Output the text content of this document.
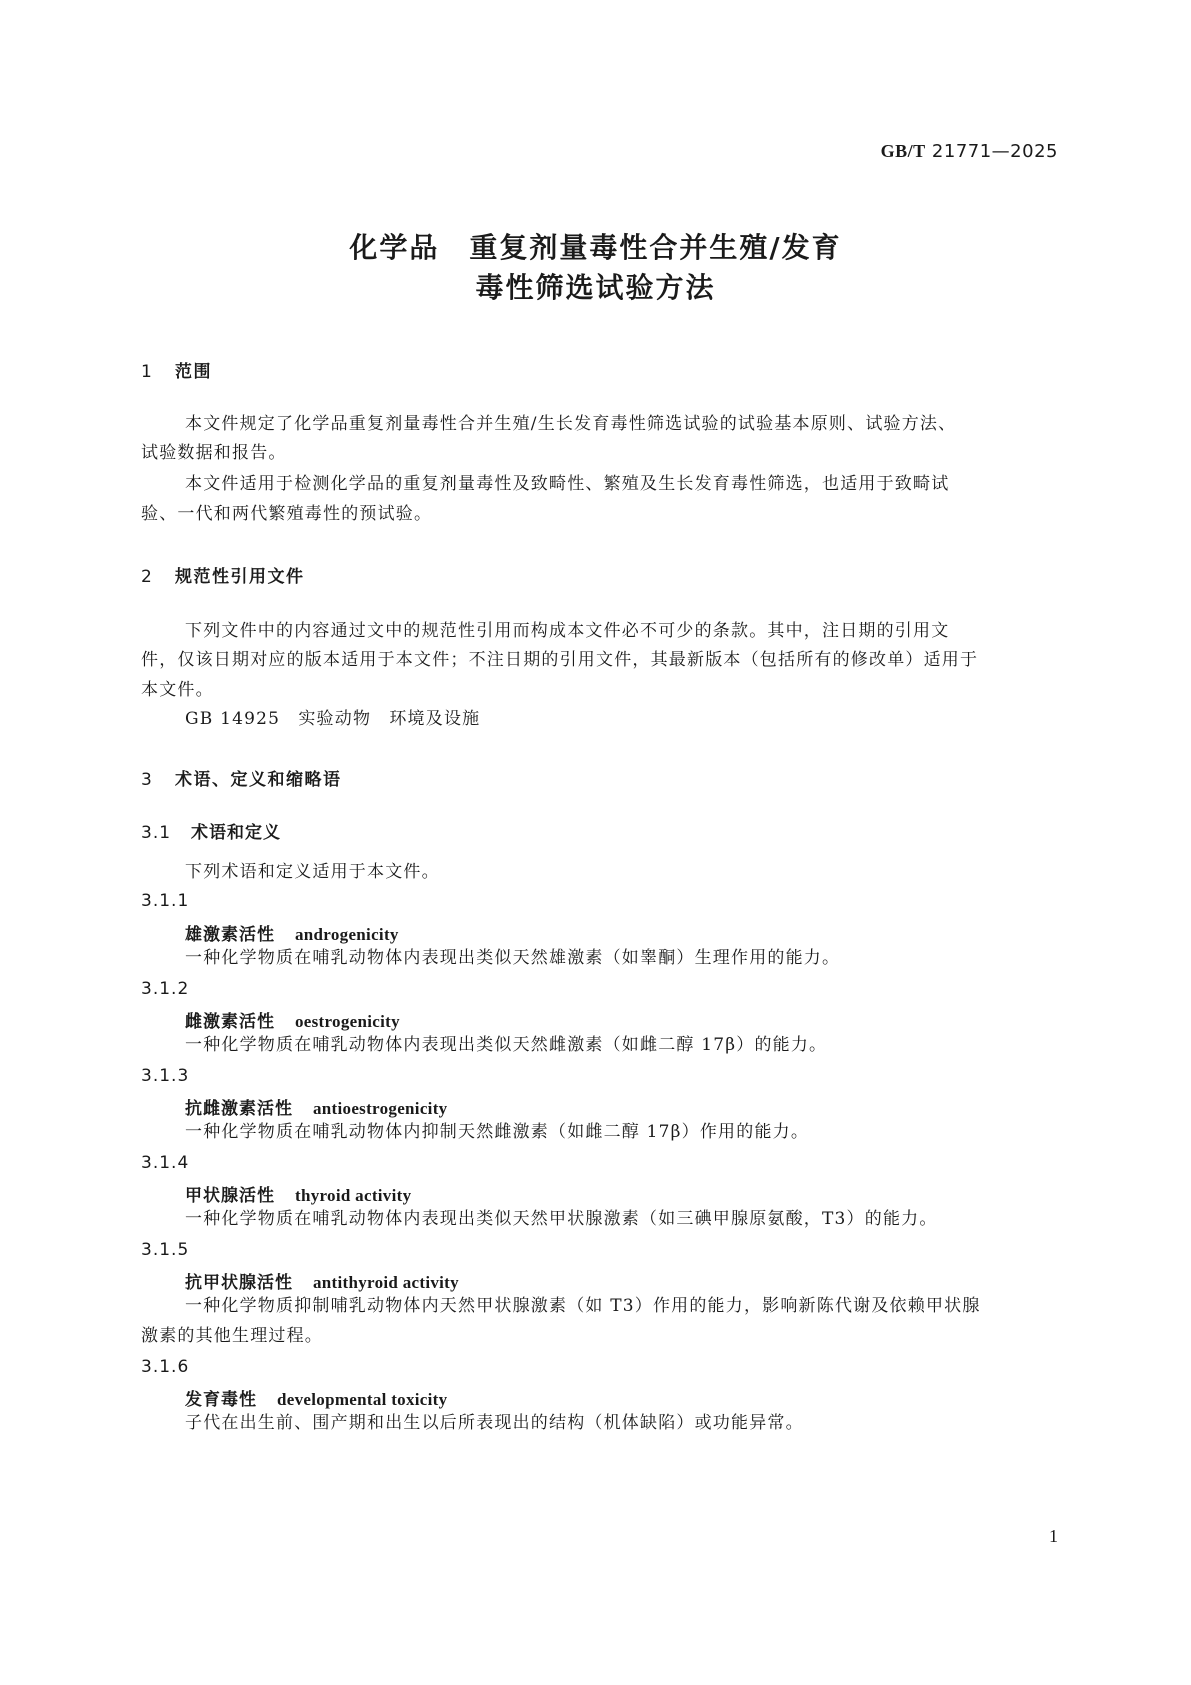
GB/T 21771—2025
化学品　重复剂量毒性合并生殖/发育
毒性筛选试验方法
1 范围
本文件规定了化学品重复剂量毒性合并生殖/生长发育毒性筛选试验的试验基本原则、试验方法、
试验数据和报告。
本文件适用于检测化学品的重复剂量毒性及致畸性、繁殖及生长发育毒性筛选，也适用于致畸试
验、一代和两代繁殖毒性的预试验。
2 规范性引用文件
下列文件中的内容通过文中的规范性引用而构成本文件必不可少的条款。其中，注日期的引用文
件，仅该日期对应的版本适用于本文件；不注日期的引用文件，其最新版本（包括所有的修改单）适用于
本文件。
GB 14925　实验动物　环境及设施
3 术语、定义和缩略语
3.1 术语和定义
下列术语和定义适用于本文件。
3.1.1
雄激素活性 androgenicity
一种化学物质在哺乳动物体内表现出类似天然雄激素（如睾酮）生理作用的能力。
3.1.2
雌激素活性 oestrogenicity
一种化学物质在哺乳动物体内表现出类似天然雌激素（如雌二醇 17β）的能力。
3.1.3
抗雌激素活性 antioestrogenicity
一种化学物质在哺乳动物体内抑制天然雌激素（如雌二醇 17β）作用的能力。
3.1.4
甲状腺活性 thyroid activity
一种化学物质在哺乳动物体内表现出类似天然甲状腺激素（如三碘甲腺原氨酸，T3）的能力。
3.1.5
抗甲状腺活性 antithyroid activity
一种化学物质抑制哺乳动物体内天然甲状腺激素（如 T3）作用的能力，影响新陈代谢及依赖甲状腺
激素的其他生理过程。
3.1.6
发育毒性 developmental toxicity
子代在出生前、围产期和出生以后所表现出的结构（机体缺陷）或功能异常。
1
